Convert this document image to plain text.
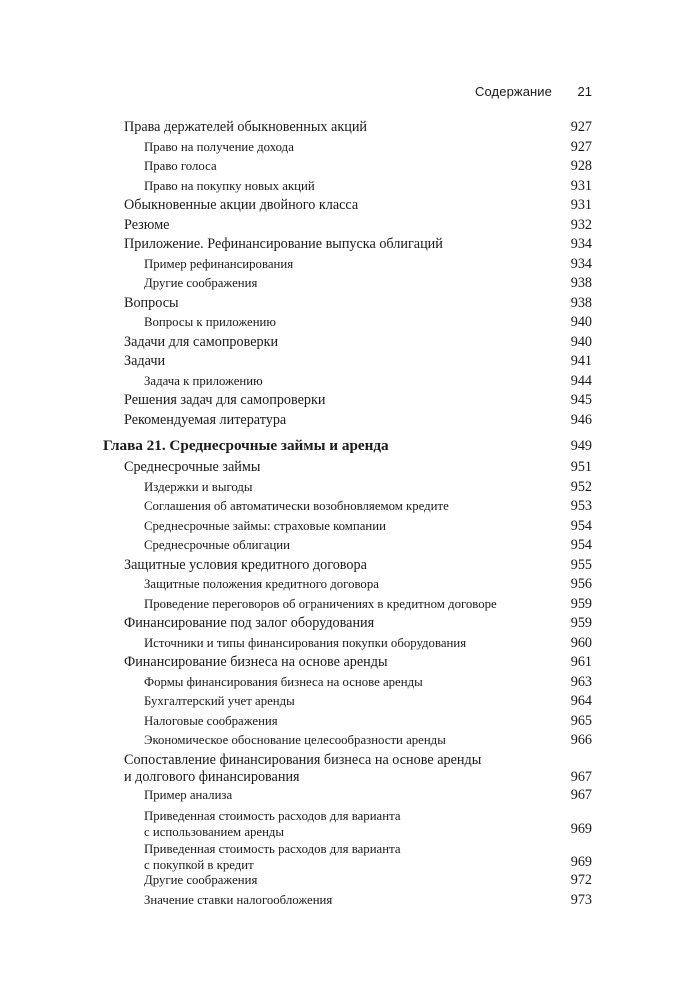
Содержание 21
Права держателей обыкновенных акций	927
Право на получение дохода	927
Право голоса	928
Право на покупку новых акций	931
Обыкновенные акции двойного класса	931
Резюме	932
Приложение. Рефинансирование выпуска облигаций	934
Пример рефинансирования	934
Другие соображения	938
Вопросы	938
Вопросы к приложению	940
Задачи для самопроверки	940
Задачи	941
Задача к приложению	944
Решения задач для самопроверки	945
Рекомендуемая литература	946
Глава 21. Среднесрочные займы и аренда	949
Среднесрочные займы	951
Издержки и выгоды	952
Соглашения об автоматически возобновляемом кредите	953
Среднесрочные займы: страховые компании	954
Среднесрочные облигации	954
Защитные условия кредитного договора	955
Защитные положения кредитного договора	956
Проведение переговоров об ограничениях в кредитном договоре	959
Финансирование под залог оборудования	959
Источники и типы финансирования покупки оборудования	960
Финансирование бизнеса на основе аренды	961
Формы финансирования бизнеса на основе аренды	963
Бухгалтерский учет аренды	964
Налоговые соображения	965
Экономическое обоснование целесообразности аренды	966
Сопоставление финансирования бизнеса на основе аренды
и долгового финансирования	967
Пример анализа	967
Приведенная стоимость расходов для варианта
с использованием аренды	969
Приведенная стоимость расходов для варианта
с покупкой в кредит	969
Другие соображения	972
Значение ставки налогообложения	973
